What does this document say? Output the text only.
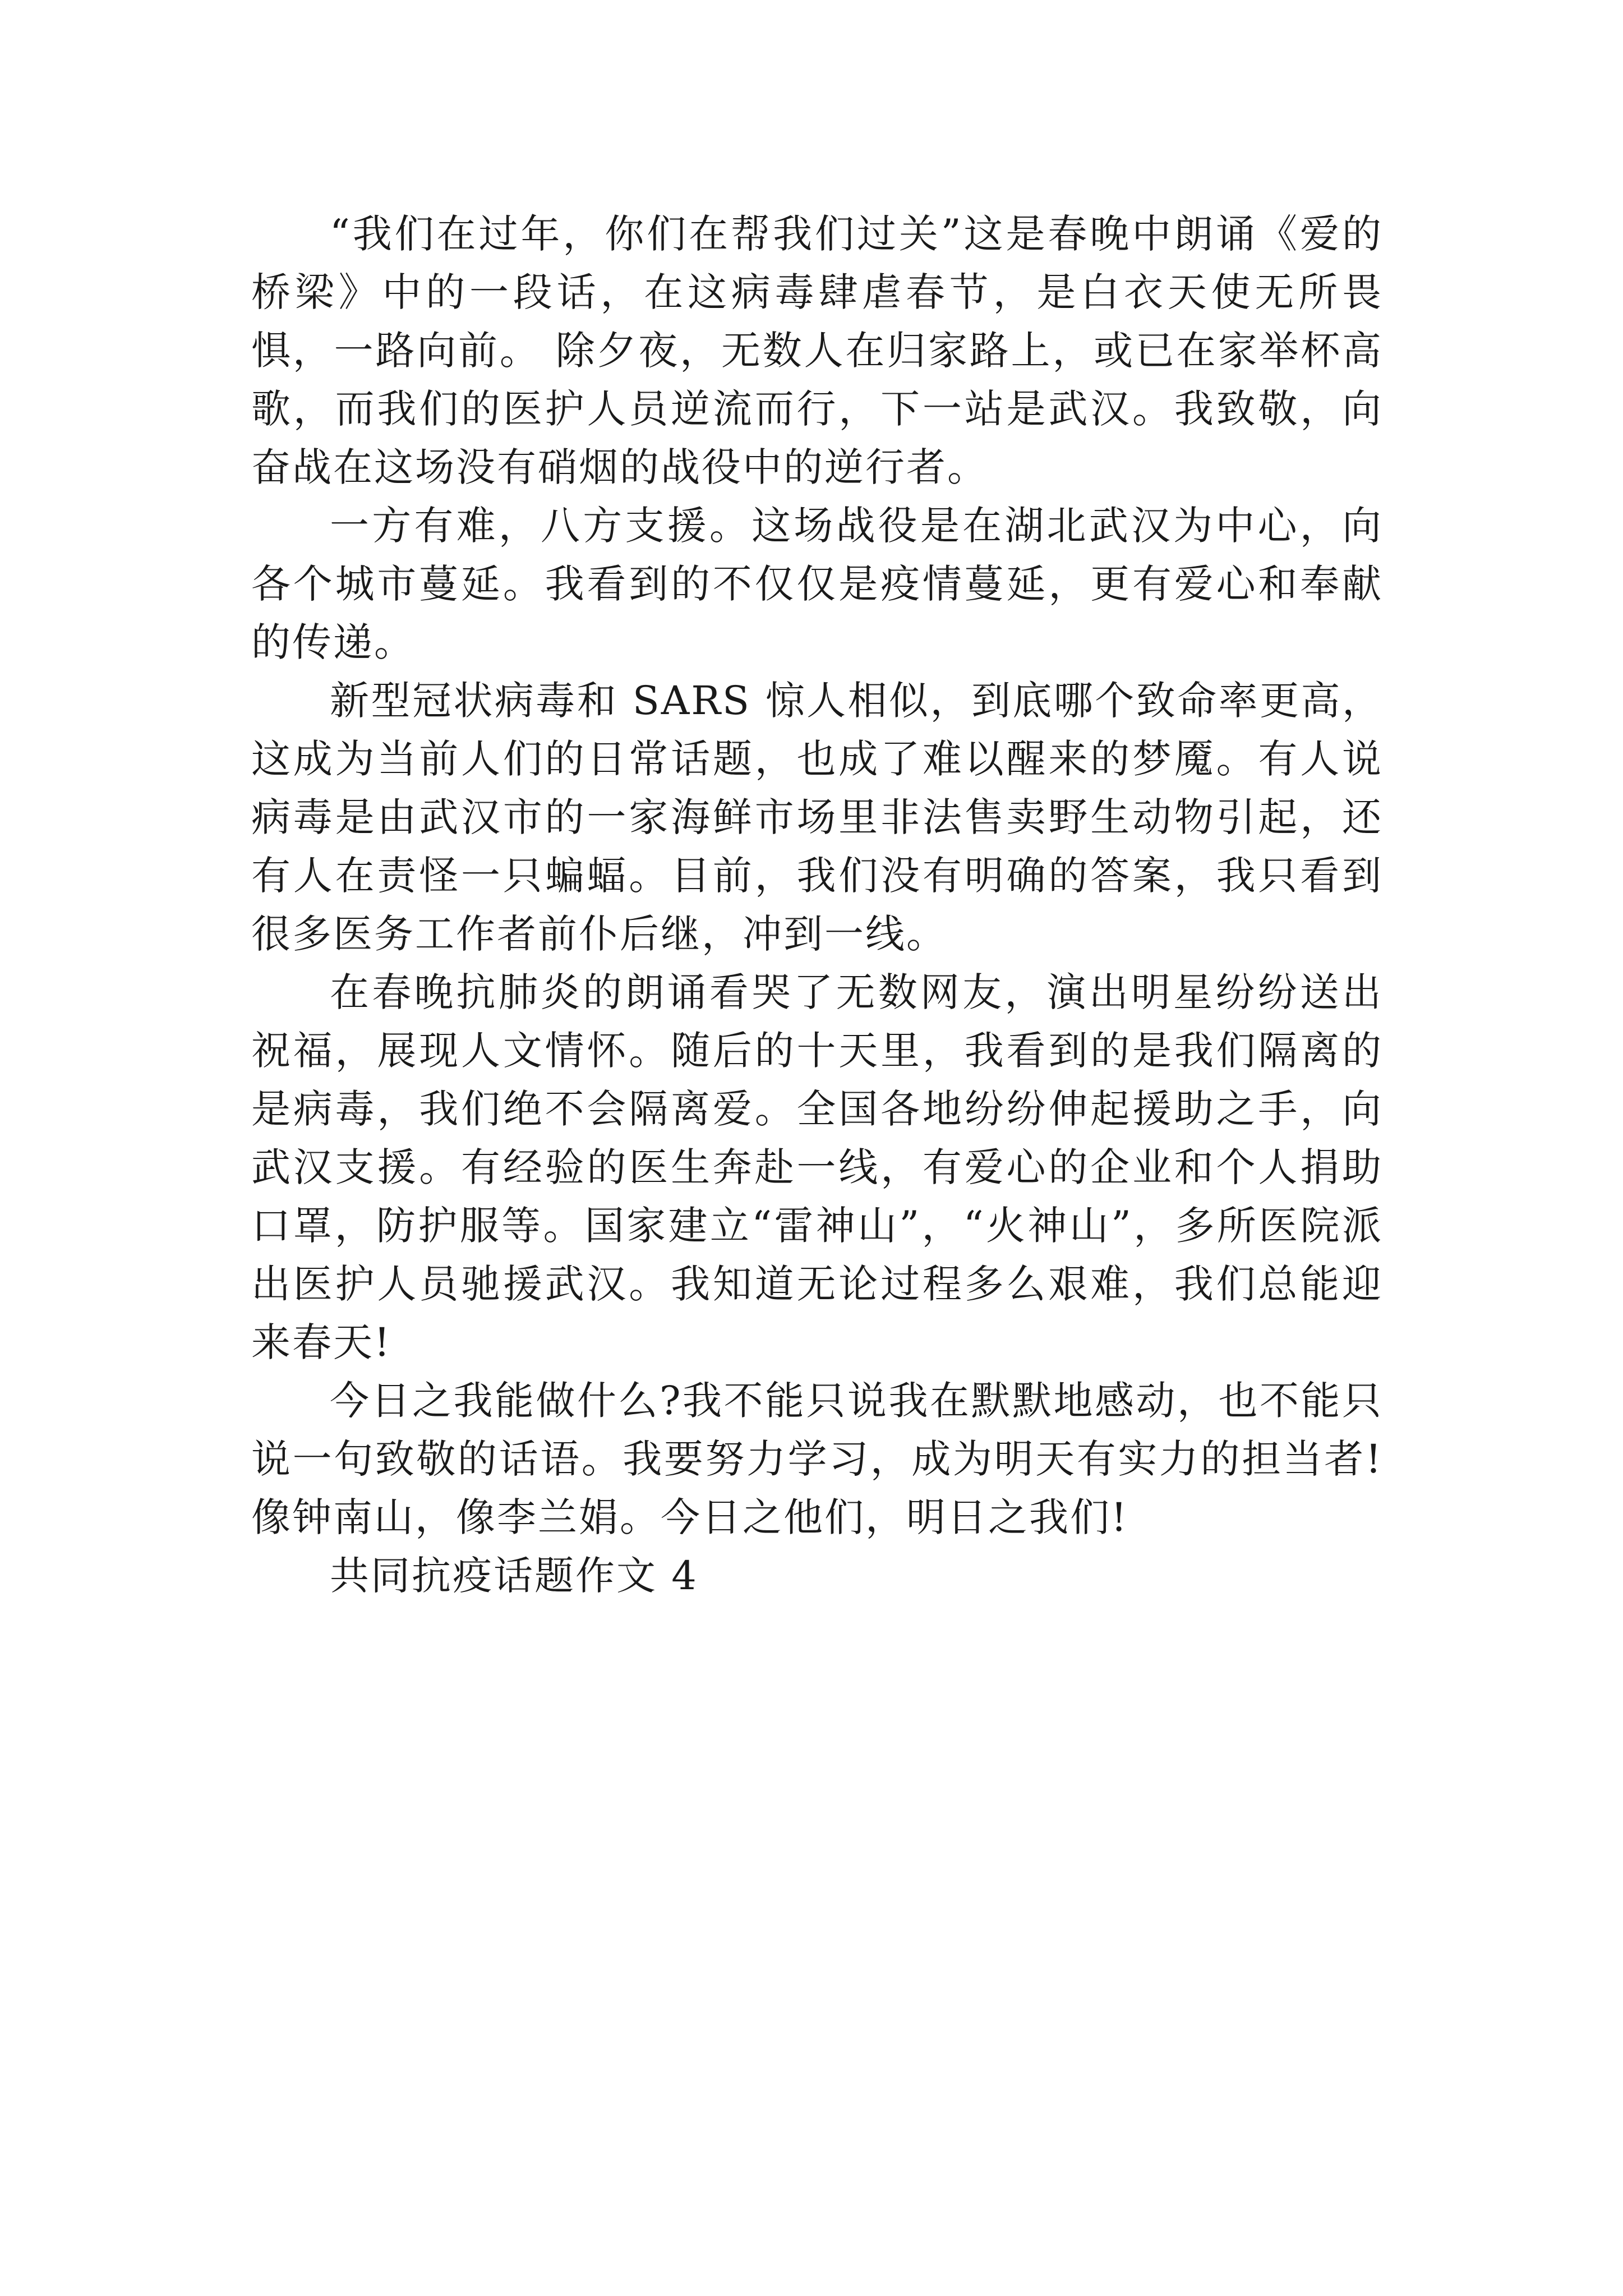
“我们在过年，你们在帮我们过关”这是春晚中朗诵《爱的桥梁》中的一段话，在这病毒肆虐春节，是白衣天使无所畏惧，一路向前。 除夕夜，无数人在归家路上，或已在家举杯高歌，而我们的医护人员逆流而行，下一站是武汉。我致敬，向奋战在这场没有硝烟的战役中的逆行者。

一方有难，八方支援。这场战役是在湖北武汉为中心，向各个城市蔓延。我看到的不仅仅是疫情蔓延，更有爱心和奉献的传递。

新型冠状病毒和 SARS 惊人相似，到底哪个致命率更高，这成为当前人们的日常话题，也成了难以醒来的梦魇。有人说病毒是由武汉市的一家海鲜市场里非法售卖野生动物引起，还有人在责怪一只蝙蝠。目前，我们没有明确的答案，我只看到很多医务工作者前仆后继，冲到一线。

在春晚抗肺炎的朗诵看哭了无数网友，演出明星纷纷送出祝福，展现人文情怀。随后的十天里，我看到的是我们隔离的是病毒，我们绝不会隔离爱。全国各地纷纷伸起援助之手，向武汉支援。有经验的医生奔赴一线，有爱心的企业和个人捐助口罩，防护服等。国家建立“雷神山”，“火神山”，多所医院派出医护人员驰援武汉。我知道无论过程多么艰难，我们总能迎来春天!

今日之我能做什么?我不能只说我在默默地感动，也不能只说一句致敬的话语。我要努力学习，成为明天有实力的担当者!像钟南山，像李兰娟。今日之他们，明日之我们!

共同抗疫话题作文 4
